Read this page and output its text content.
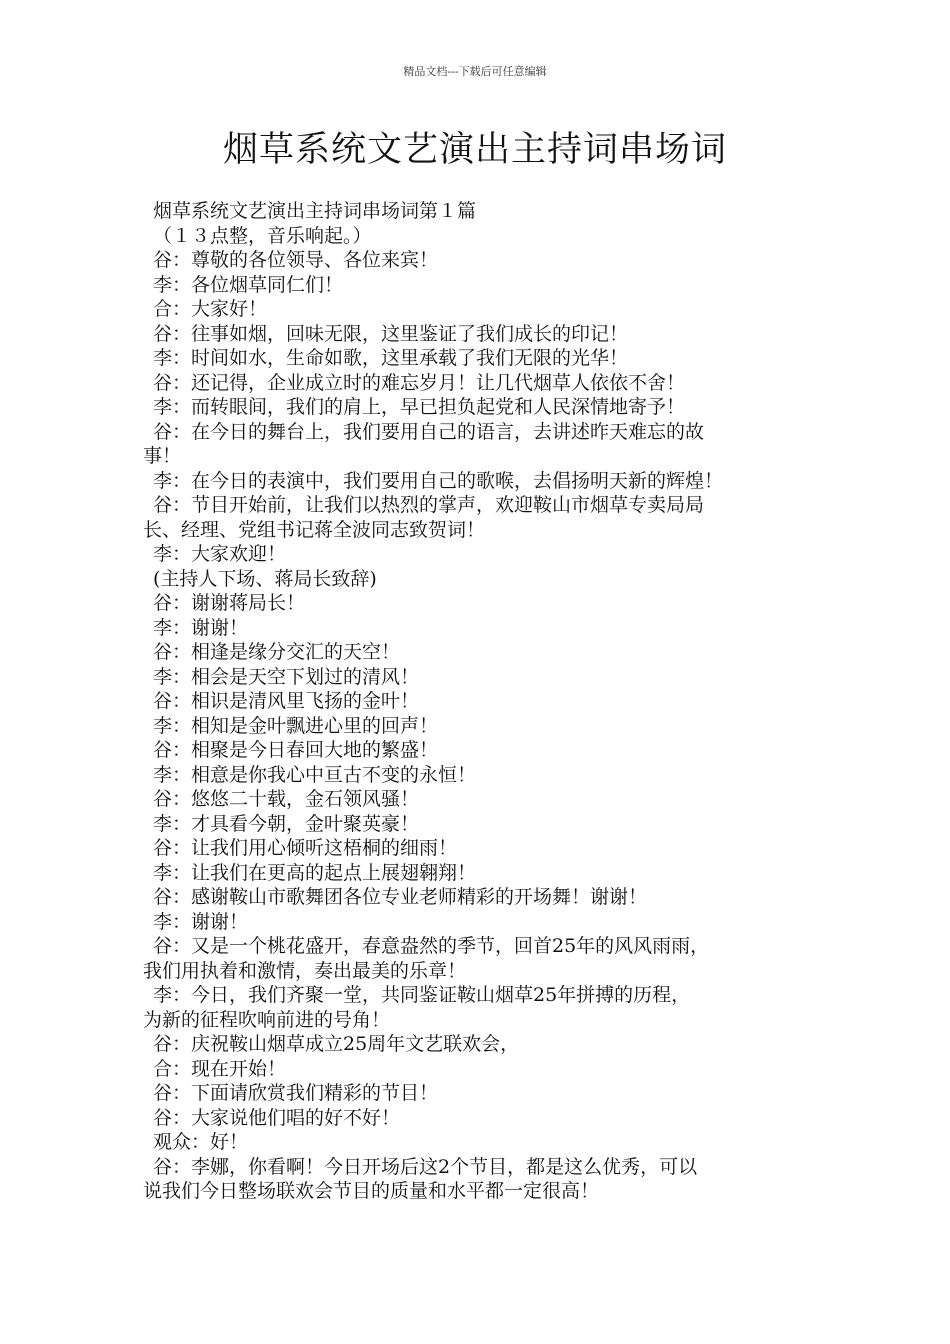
精品文档---下载后可任意编辑
烟草系统文艺演出主持词串场词

烟草系统文艺演出主持词串场词第１篇

（１３点整，音乐响起。）

谷：尊敬的各位领导、各位来宾！

李：各位烟草同仁们！

合：大家好！

谷：往事如烟，回味无限，这里鉴证了我们成长的印记！

李：时间如水，生命如歌，这里承载了我们无限的光华！

谷：还记得，企业成立时的难忘岁月！让几代烟草人依依不舍！

李：而转眼间，我们的肩上，早已担负起党和人民深情地寄予！

谷：在今日的舞台上，我们要用自己的语言，去讲述昨天难忘的故

事！

李：在今日的表演中，我们要用自己的歌喉，去倡扬明天新的辉煌！

谷：节目开始前，让我们以热烈的掌声，欢迎鞍山市烟草专卖局局

长、经理、党组书记蒋全波同志致贺词！

李：大家欢迎！

(主持人下场、蒋局长致辞)

谷：谢谢蒋局长！

李：谢谢！

谷：相逢是缘分交汇的天空！

李：相会是天空下划过的清风！

谷：相识是清风里飞扬的金叶！

李：相知是金叶飘进心里的回声！

谷：相聚是今日春回大地的繁盛！

李：相意是你我心中亘古不变的永恒！

谷：悠悠二十载，金石领风骚！

李：才具看今朝，金叶聚英豪！

谷：让我们用心倾听这梧桐的细雨！

李：让我们在更高的起点上展翅翱翔！

谷：感谢鞍山市歌舞团各位专业老师精彩的开场舞！谢谢！

李：谢谢！

谷：又是一个桃花盛开，春意盎然的季节，回首25年的风风雨雨，

我们用执着和激情，奏出最美的乐章！

李：今日，我们齐聚一堂，共同鉴证鞍山烟草25年拼搏的历程，

为新的征程吹响前进的号角！

谷：庆祝鞍山烟草成立25周年文艺联欢会，

合：现在开始！

谷：下面请欣赏我们精彩的节目！

谷：大家说他们唱的好不好！

观众：好！

谷：李娜，你看啊！今日开场后这2个节目，都是这么优秀，可以

说我们今日整场联欢会节目的质量和水平都一定很高！
